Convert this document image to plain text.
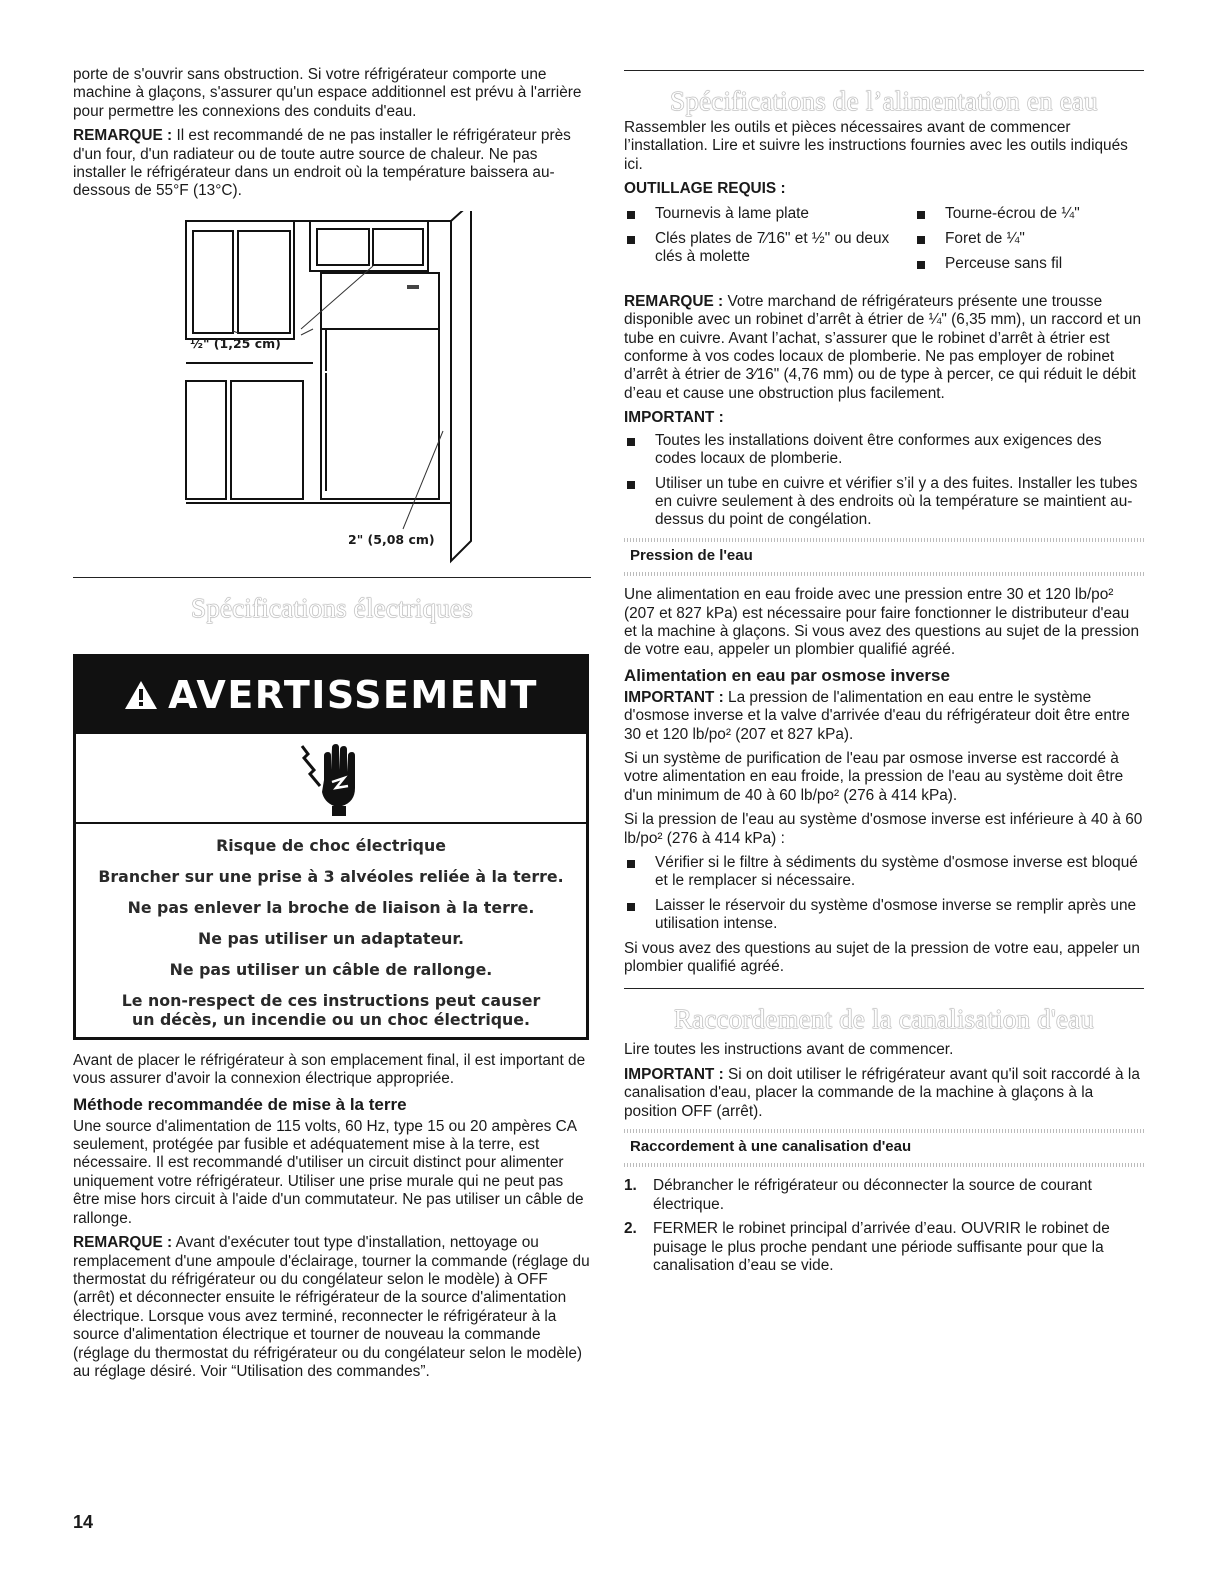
porte de s'ouvrir sans obstruction. Si votre réfrigérateur comporte une machine à glaçons, s'assurer qu'un espace additionnel est prévu à l'arrière pour permettre les connexions des conduits d'eau.

REMARQUE : Il est recommandé de ne pas installer le réfrigérateur près d'un four, d'un radiateur ou de toute autre source de chaleur. Ne pas installer le réfrigérateur dans un endroit où la température baissera au-dessous de 55°F (13°C).

½" (1,25 cm)
2" (5,08 cm)
Spécifications électriques
AVERTISSEMENT

Risque de choc électrique

Brancher sur une prise à 3 alvéoles reliée à la terre.

Ne pas enlever la broche de liaison à la terre.

Ne pas utiliser un adaptateur.

Ne pas utiliser un câble de rallonge.

Le non-respect de ces instructions peut causer un décès, un incendie ou un choc électrique.

Avant de placer le réfrigérateur à son emplacement final, il est important de vous assurer d'avoir la connexion électrique appropriée.

Méthode recommandée de mise à la terre

Une source d'alimentation de 115 volts, 60 Hz, type 15 ou 20 ampères CA seulement, protégée par fusible et adéquatement mise à la terre, est nécessaire. Il est recommandé d'utiliser un circuit distinct pour alimenter uniquement votre réfrigérateur. Utiliser une prise murale qui ne peut pas être mise hors circuit à l'aide d'un commutateur. Ne pas utiliser un câble de rallonge.

REMARQUE : Avant d'exécuter tout type d'installation, nettoyage ou remplacement d'une ampoule d'éclairage, tourner la commande (réglage du thermostat du réfrigérateur ou du congélateur selon le modèle) à OFF (arrêt) et déconnecter ensuite le réfrigérateur de la source d'alimentation électrique. Lorsque vous avez terminé, reconnecter le réfrigérateur à la source d'alimentation électrique et tourner de nouveau la commande (réglage du thermostat du réfrigérateur ou du congélateur selon le modèle) au réglage désiré. Voir “Utilisation des commandes”.

Spécifications de l’alimentation en eau

Rassembler les outils et pièces nécessaires avant de commencer l’installation. Lire et suivre les instructions fournies avec les outils indiqués ici.

OUTILLAGE REQUIS :
Tournevis à lame plate
Clés plates de 7⁄16" et ½" ou deux clés à molette
Tourne-écrou de ¼"
Foret de ¼"
Perceuse sans fil

REMARQUE : Votre marchand de réfrigérateurs présente une trousse disponible avec un robinet d’arrêt à étrier de ¼" (6,35 mm), un raccord et un tube en cuivre. Avant l’achat, s’assurer que le robinet d’arrêt à étrier est conforme à vos codes locaux de plomberie. Ne pas employer de robinet d’arrêt à étrier de 3⁄16" (4,76 mm) ou de type à percer, ce qui réduit le débit d’eau et cause une obstruction plus facilement.

IMPORTANT :
Toutes les installations doivent être conformes aux exigences des codes locaux de plomberie.
Utiliser un tube en cuivre et vérifier s’il y a des fuites. Installer les tubes en cuivre seulement à des endroits où la température se maintient au-dessus du point de congélation.
Pression de l'eau

Une alimentation en eau froide avec une pression entre 30 et 120 lb/po² (207 et 827 kPa) est nécessaire pour faire fonctionner le distributeur d'eau et la machine à glaçons. Si vous avez des questions au sujet de la pression de votre eau, appeler un plombier qualifié agréé.

Alimentation en eau par osmose inverse

IMPORTANT : La pression de l'alimentation en eau entre le système d'osmose inverse et la valve d'arrivée d'eau du réfrigérateur doit être entre 30 et 120 lb/po² (207 et 827 kPa).

Si un système de purification de l'eau par osmose inverse est raccordé à votre alimentation en eau froide, la pression de l'eau au système doit être d'un minimum de 40 à 60 lb/po² (276 à 414 kPa).

Si la pression de l'eau au système d'osmose inverse est inférieure à 40 à 60 lb/po² (276 à 414 kPa) :

Vérifier si le filtre à sédiments du système d'osmose inverse est bloqué et le remplacer si nécessaire.
Laisser le réservoir du système d'osmose inverse se remplir après une utilisation intense.

Si vous avez des questions au sujet de la pression de votre eau, appeler un plombier qualifié agréé.

Raccordement de la canalisation d'eau

Lire toutes les instructions avant de commencer.

IMPORTANT : Si on doit utiliser le réfrigérateur avant qu'il soit raccordé à la canalisation d'eau, placer la commande de la machine à glaçons à la position OFF (arrêt).

Raccordement à une canalisation d'eau
1. Débrancher le réfrigérateur ou déconnecter la source de courant électrique.
2. FERMER le robinet principal d’arrivée d’eau. OUVRIR le robinet de puisage le plus proche pendant une période suffisante pour que la canalisation d’eau se vide.
14
